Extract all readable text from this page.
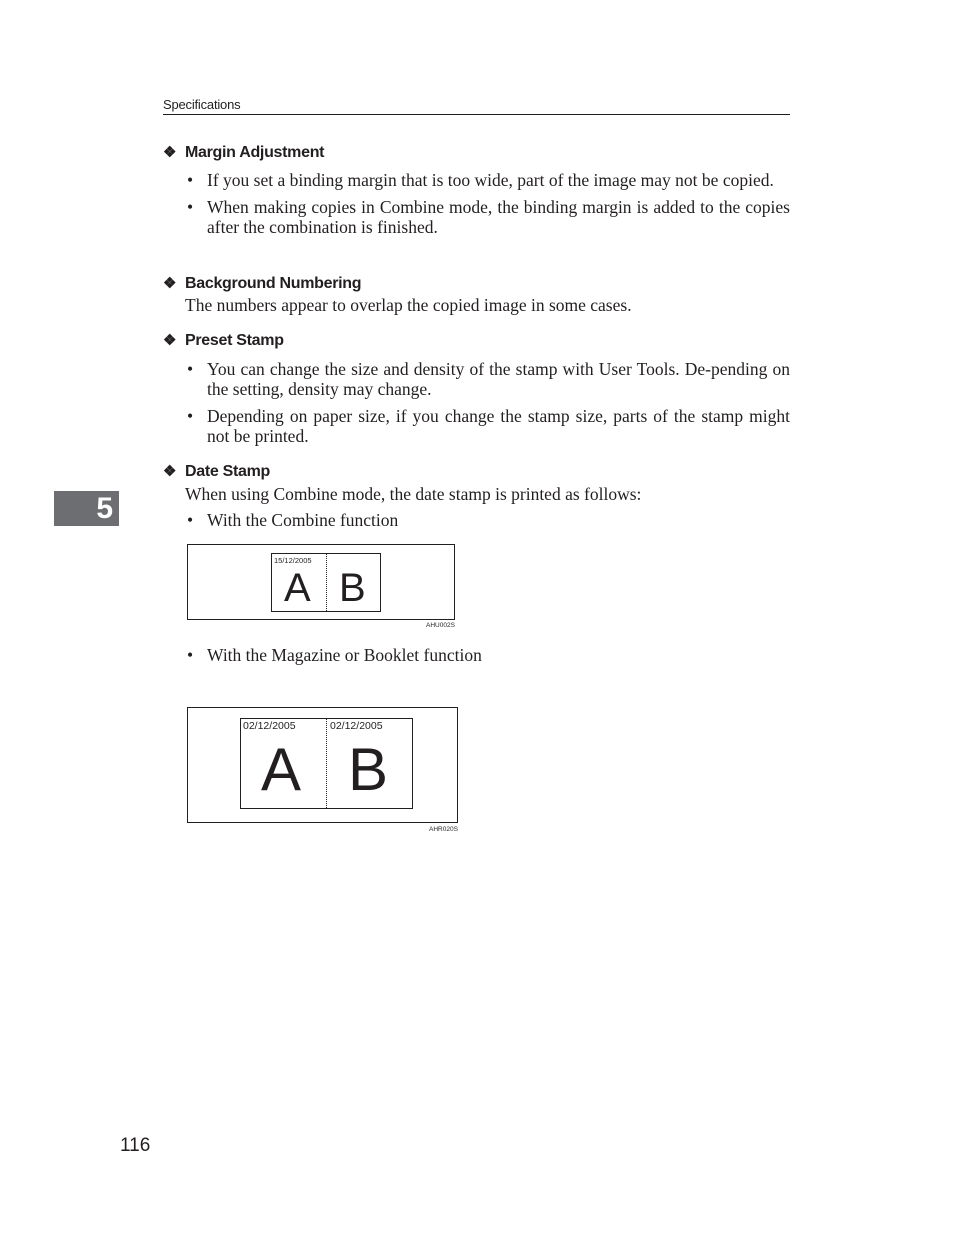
Specifications
5
❖ Margin Adjustment
• If you set a binding margin that is too wide, part of the image may not be copied.
• When making copies in Combine mode, the binding margin is added to the copies after the combination is finished.
❖ Background Numbering
The numbers appear to overlap the copied image in some cases.
❖ Preset Stamp
• You can change the size and density of the stamp with User Tools. De-pending on the setting, density may change.
• Depending on paper size, if you change the stamp size, parts of the stamp might not be printed.
❖ Date Stamp
When using Combine mode, the date stamp is printed as follows:
• With the Combine function
15/12/2005
A B
AHU002S
• With the Magazine or Booklet function
02/12/2005	02/12/2005
A B
AHR020S
116
